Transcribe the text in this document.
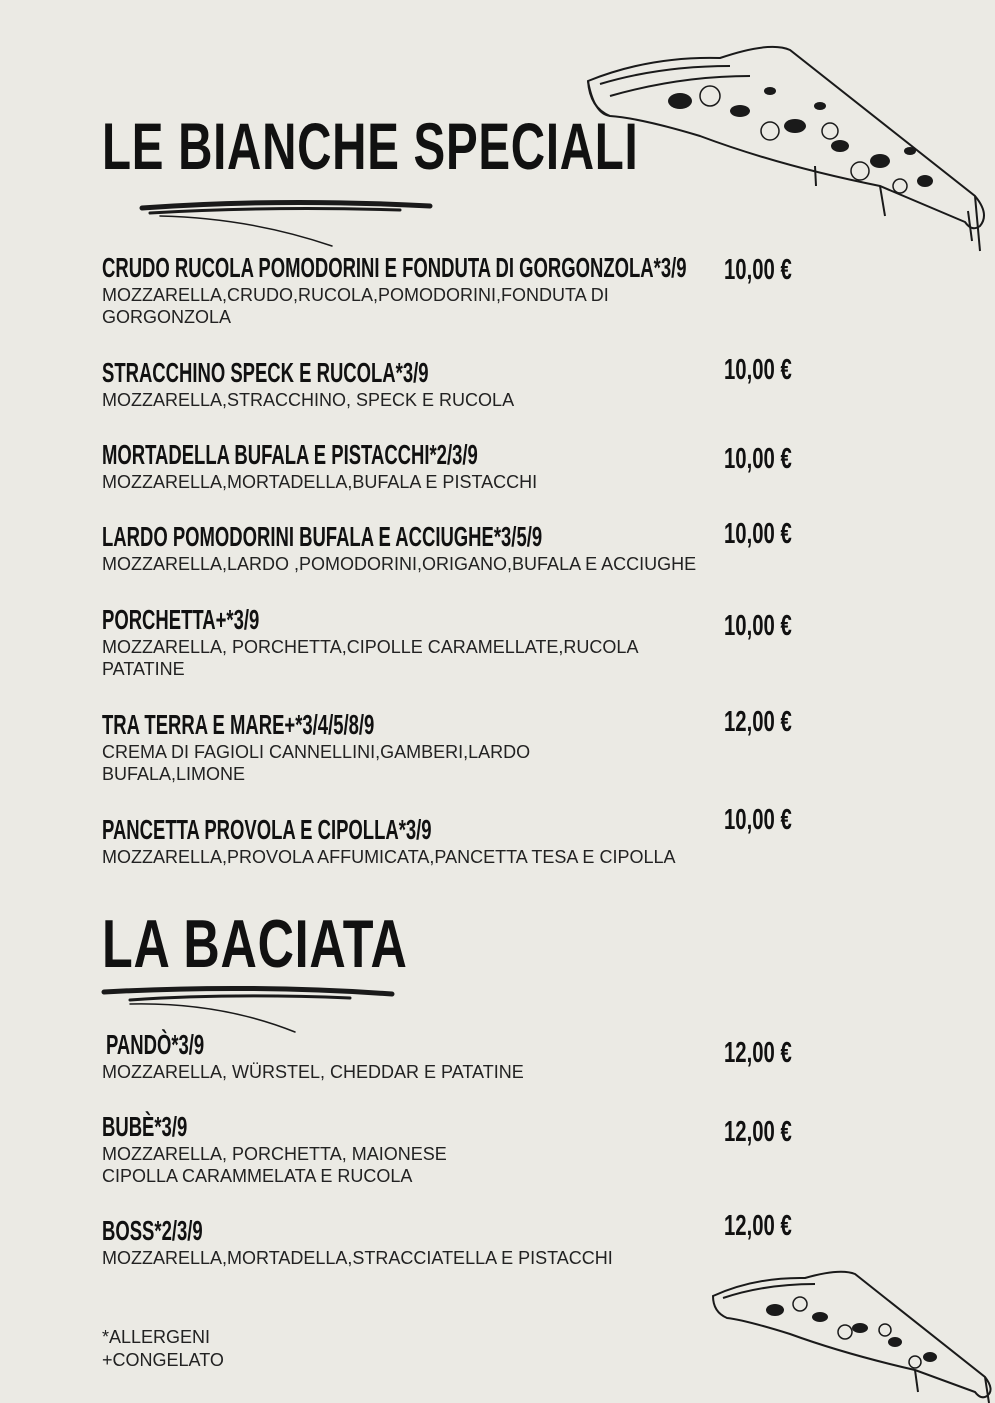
LE BIANCHE SPECIALI
CRUDO RUCOLA POMODORINI E FONDUTA DI GORGONZOLA*3/9
MOZZARELLA,CRUDO,RUCOLA,POMODORINI,FONDUTA DI GORGONZOLA
10,00 €
STRACCHINO SPECK E RUCOLA*3/9
MOZZARELLA,STRACCHINO, SPECK E RUCOLA
10,00 €
MORTADELLA BUFALA E PISTACCHI*2/3/9
MOZZARELLA,MORTADELLA,BUFALA E PISTACCHI
10,00 €
LARDO POMODORINI BUFALA E ACCIUGHE*3/5/9
MOZZARELLA,LARDO ,POMODORINI,ORIGANO,BUFALA E ACCIUGHE
10,00 €
PORCHETTA+*3/9
MOZZARELLA, PORCHETTA,CIPOLLE CARAMELLATE,RUCOLA PATATINE
10,00 €
TRA TERRA E MARE+*3/4/5/8/9
CREMA DI FAGIOLI CANNELLINI,GAMBERI,LARDO BUFALA,LIMONE
12,00 €
PANCETTA PROVOLA E CIPOLLA*3/9
MOZZARELLA,PROVOLA AFFUMICATA,PANCETTA TESA E CIPOLLA
10,00 €
LA BACIATA
PANDÒ*3/9
MOZZARELLA, WÜRSTEL, CHEDDAR E PATATINE
12,00 €
BUBÈ*3/9
MOZZARELLA, PORCHETTA, MAIONESE CIPOLLA CARAMMELATA E RUCOLA
12,00 €
BOSS*2/3/9
MOZZARELLA,MORTADELLA,STRACCIATELLA E PISTACCHI
12,00 €
*ALLERGENI
+CONGELATO
